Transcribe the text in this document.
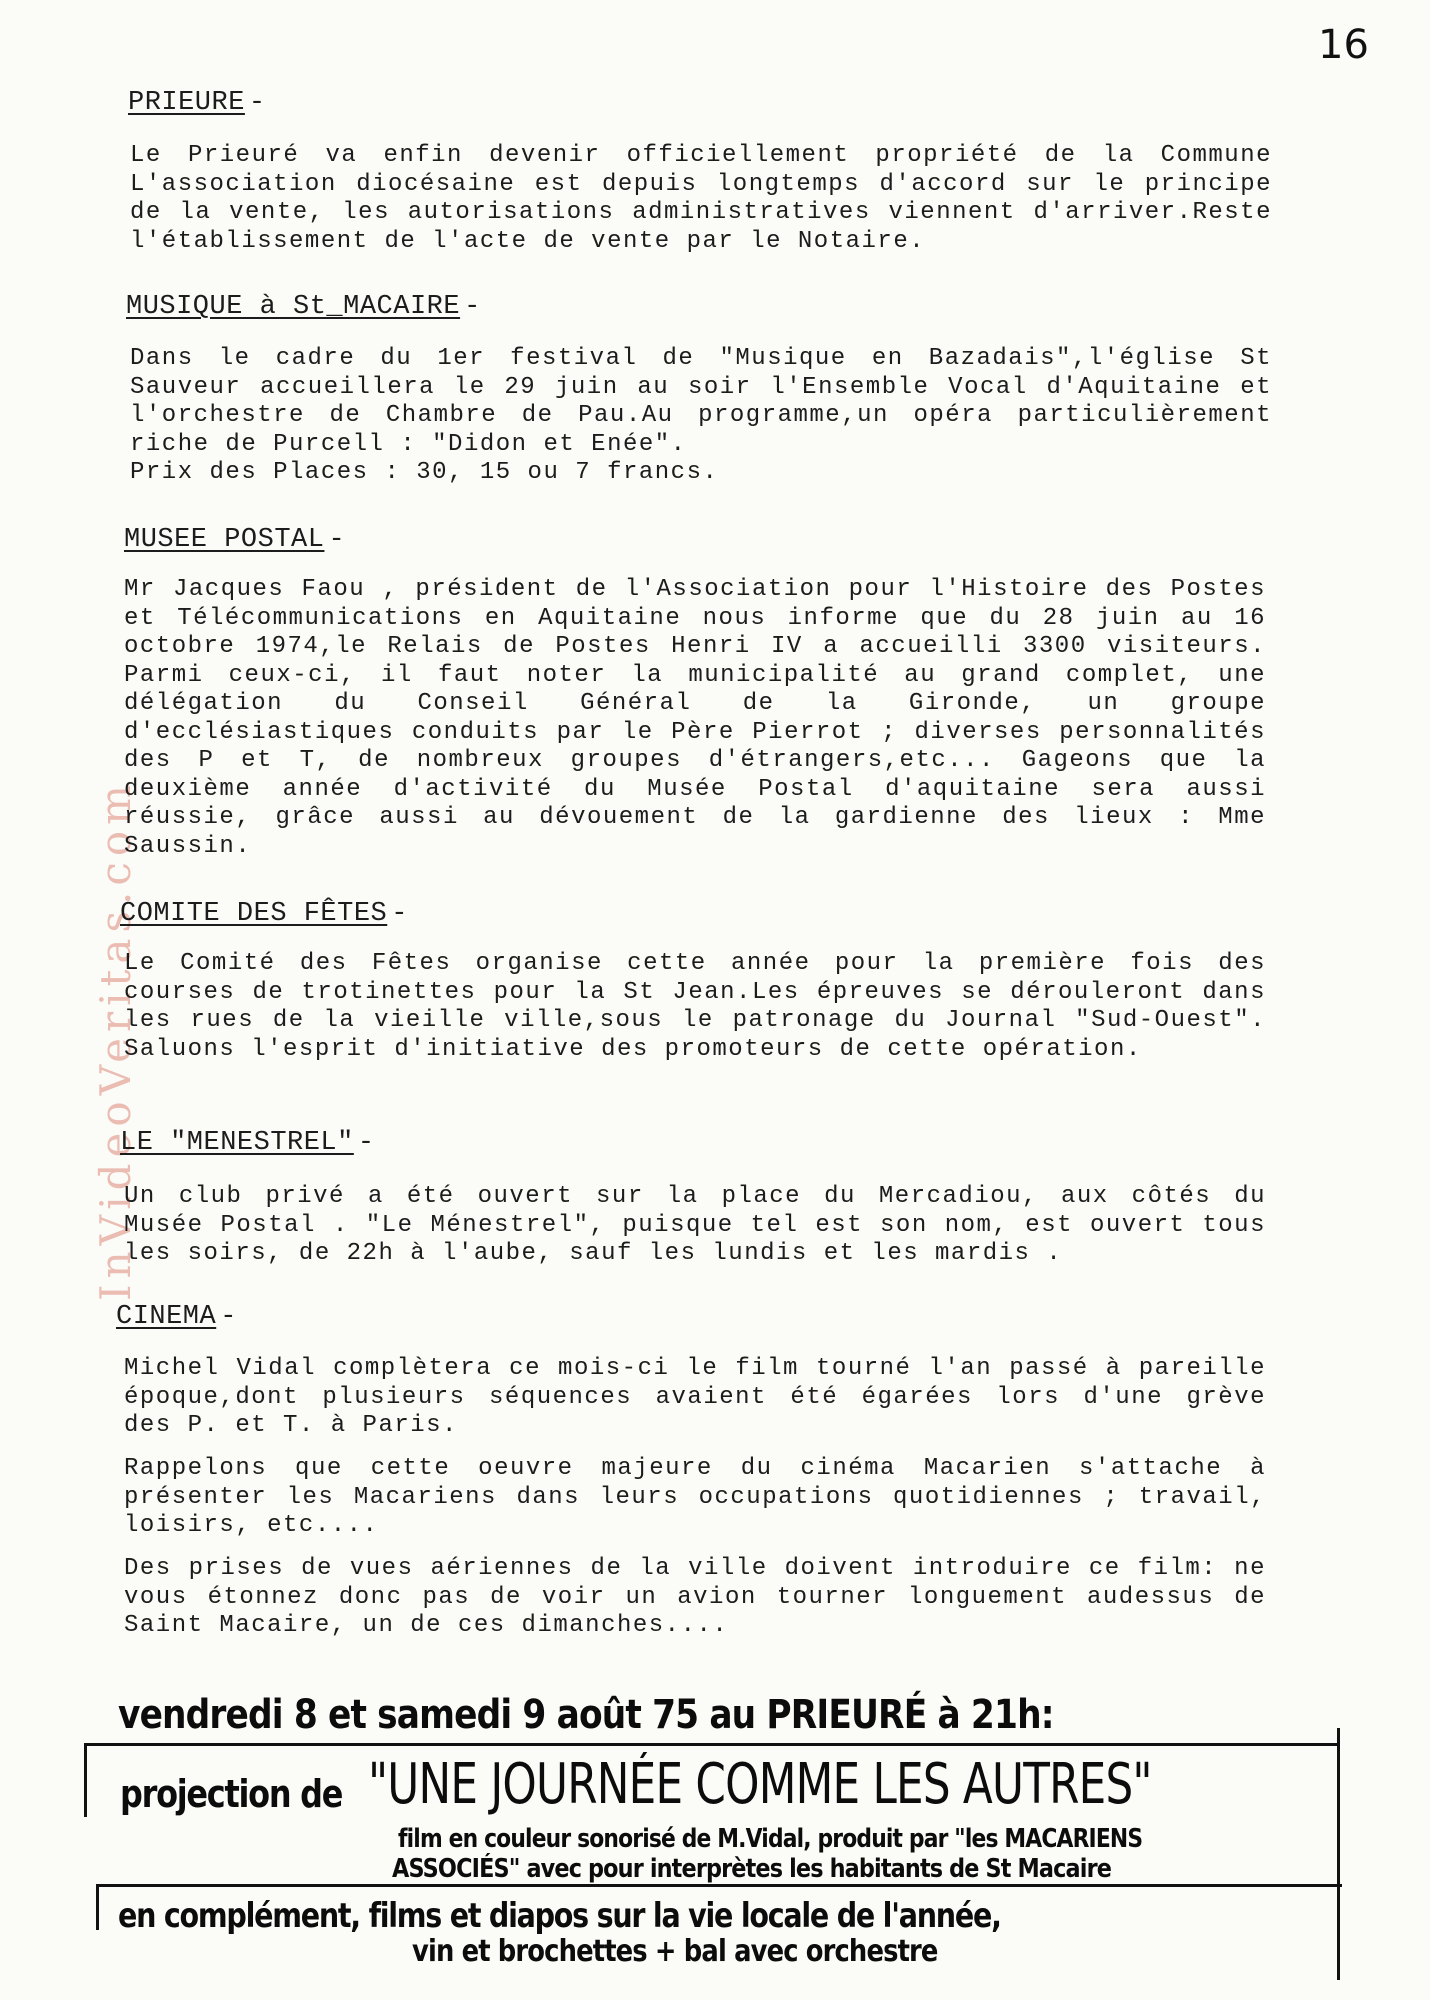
16
InVideoVeritas.com
PRIEURE -

Le Prieuré va enfin devenir officiellement propriété de la Commune L'association diocésaine est depuis longtemps d'accord sur le principe de la vente, les autorisations administratives viennent d'arriver.Reste l'établissement de l'acte de vente par le Notaire.

MUSIQUE à St_MACAIRE -

Dans le cadre du 1er festival de "Musique en Bazadais",l'église St Sauveur accueillera le 29 juin au soir l'Ensemble Vocal d'Aquitaine et l'orchestre de Chambre de Pau.Au programme,un opéra particulièrement riche de Purcell : "Didon et Enée".

Prix des Places : 30, 15 ou 7 francs.

MUSEE POSTAL -

Mr Jacques Faou , président de l'Association pour l'Histoire des Postes et Télécommunications en Aquitaine nous informe que du 28 juin au 16 octobre 1974,le Relais de Postes Henri IV a accueilli 3300 visiteurs. Parmi ceux-ci, il faut noter la municipalité au grand complet, une délégation du Conseil Général de la Gironde, un groupe d'ecclésiastiques conduits par le Père Pierrot ; diverses personnalités des P et T, de nombreux groupes d'étrangers,etc... Gageons que la deuxième année d'activité du Musée Postal d'aquitaine sera aussi réussie, grâce aussi au dévouement de la gardienne des lieux : Mme Saussin.

COMITE DES FÊTES -

Le Comité des Fêtes organise cette année pour la première fois des courses de trotinettes pour la St Jean.Les épreuves se dérouleront dans les rues de la vieille ville,sous le patronage du Journal "Sud-Ouest". Saluons l'esprit d'initiative des promoteurs de cette opération.

LE "MENESTREL" -

Un club privé a été ouvert sur la place du Mercadiou, aux côtés du Musée Postal . "Le Ménestrel", puisque tel est son nom, est ouvert tous les soirs, de 22h à l'aube, sauf les lundis et les mardis .

CINEMA -

Michel Vidal complètera ce mois-ci le film tourné l'an passé à pareille époque,dont plusieurs séquences avaient été égarées lors d'une grève des P. et T. à Paris.

Rappelons que cette oeuvre majeure du cinéma Macarien s'attache à présenter les Macariens dans leurs occupations quotidiennes ; travail, loisirs, etc....

Des prises de vues aériennes de la ville doivent introduire ce film: ne vous étonnez donc pas de voir un avion tourner longuement audessus de Saint Macaire, un de ces dimanches....

vendredi 8 et samedi 9 août 75 au PRIEURÉ à 21h:
projection de "UNE JOURNÉE COMME LES AUTRES"
film en couleur sonorisé de M.Vidal, produit par "les MACARIENS
ASSOCIÉS" avec pour interprètes les habitants de St Macaire
en complément, films et diapos sur la vie locale de l'année,
vin et brochettes + bal avec orchestre
